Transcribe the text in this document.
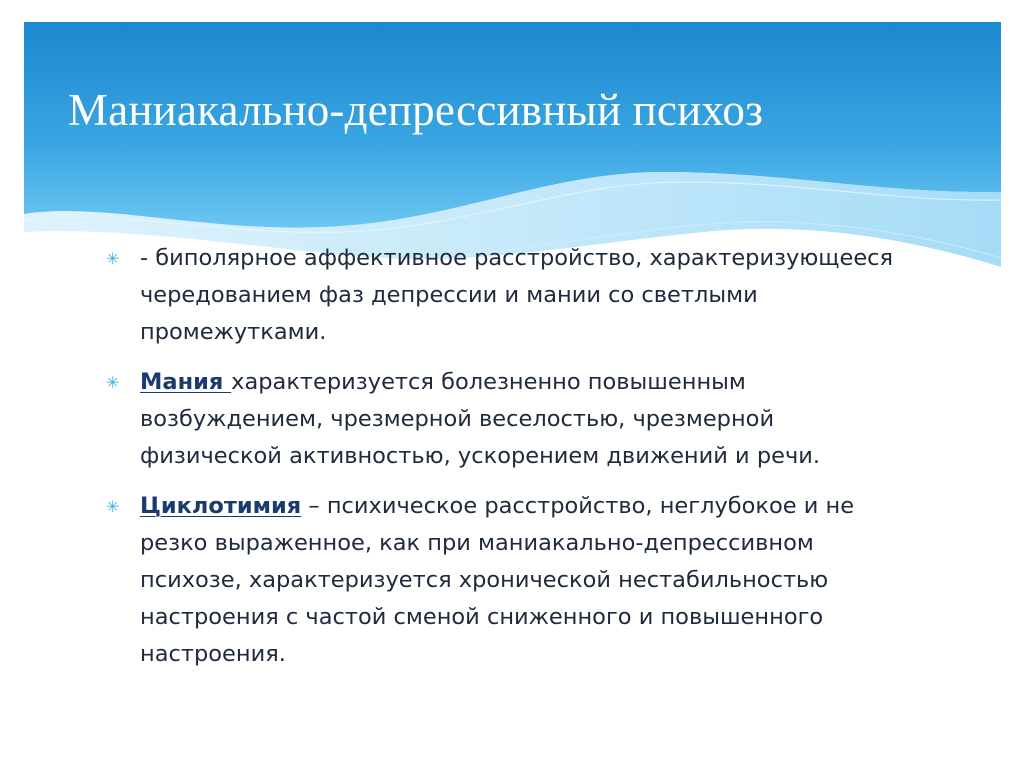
Маниакально-депрессивный психоз
✳ - биполярное аффективное расстройство, характеризующееся чередованием фаз депрессии и мании со светлыми промежутками.
✳ Мания характеризуется болезненно повышенным возбуждением, чрезмерной веселостью, чрезмерной физической активностью, ускорением движений и речи.
✳ Циклотимия – психическое расстройство, неглубокое и не резко выраженное, как при маниакально-депрессивном психозе, характеризуется хронической нестабильностью настроения с частой сменой сниженного и повышенного настроения.
